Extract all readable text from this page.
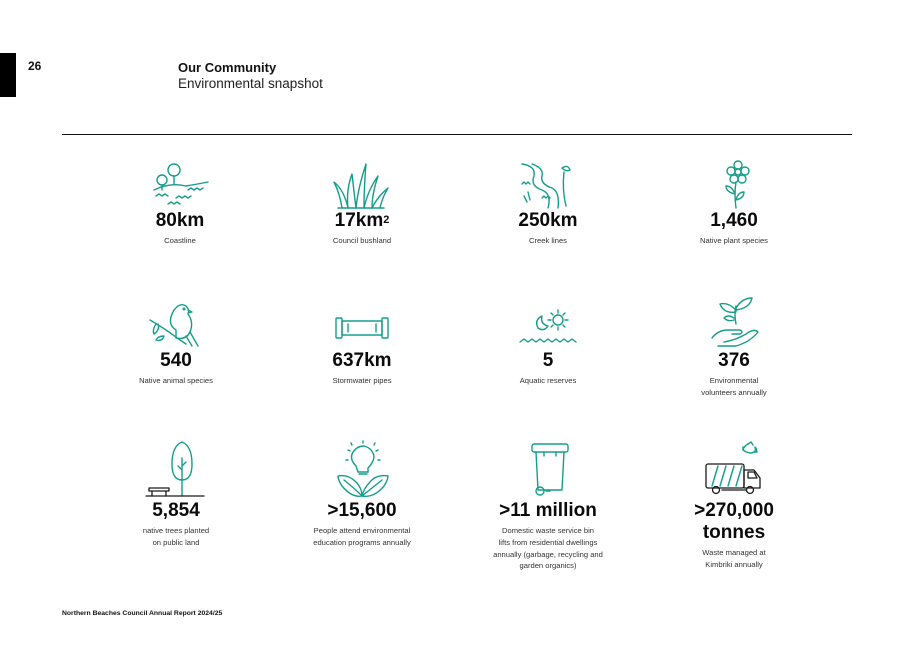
26	Our Community
Environmental snapshot
80km
Coastline
$17km^2$
Council bushland
250km
Creek lines
1,460
Native plant species
540
Native animal species
637km
Stormwater pipes
5
Aquatic reserves
376
Environmental
volunteers annually
5,854
native trees planted
on public land
>15,600
People attend environmental
education programs annually
>11 million
Domestic waste service bin
lifts from residential dwellings
annually (garbage, recycling and
garden organics)
>270,000
tonnes
Waste managed at
Kimbriki annually
Northern Beaches Council Annual Report 2024/25
